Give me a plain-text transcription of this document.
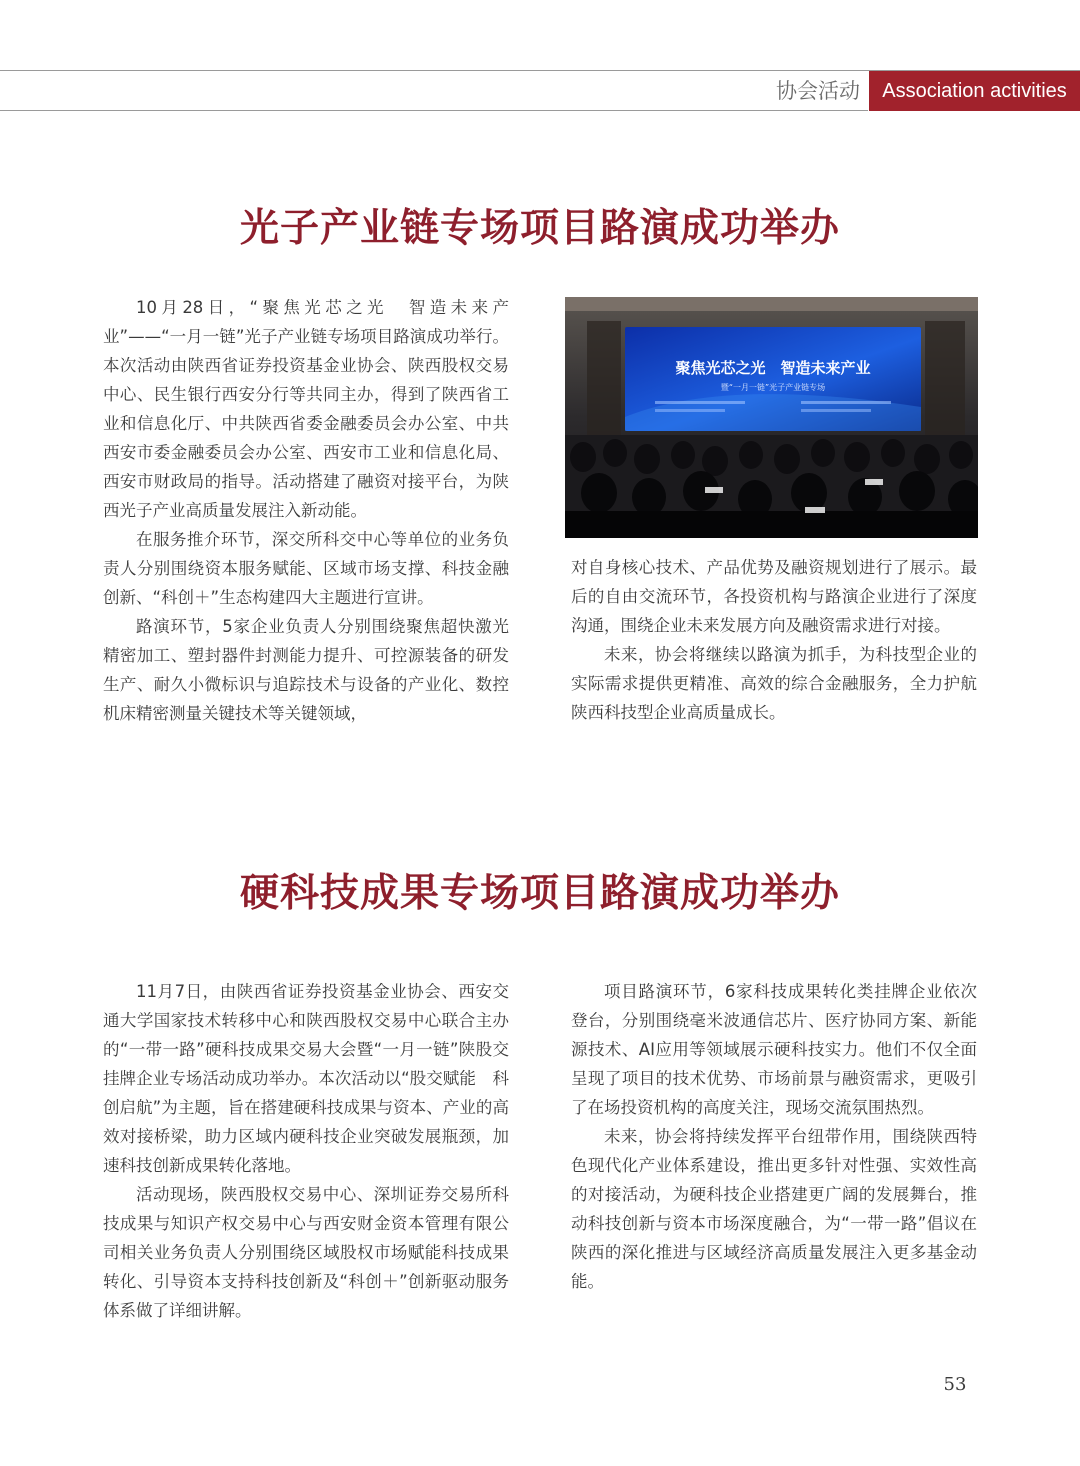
协会活动	Association activities
光子产业链专场项目路演成功举办

10月28日，“聚焦光芯之光　智造未来产业”——“一月一链”光子产业链专场项目路演成功举行。本次活动由陕西省证券投资基金业协会、陕西股权交易中心、民生银行西安分行等共同主办，得到了陕西省工业和信息化厅、中共陕西省委金融委员会办公室、中共西安市委金融委员会办公室、西安市工业和信息化局、西安市财政局的指导。活动搭建了融资对接平台，为陕西光子产业高质量发展注入新动能。

在服务推介环节，深交所科交中心等单位的业务负责人分别围绕资本服务赋能、区域市场支撑、科技金融创新、“科创＋”生态构建四大主题进行宣讲。

路演环节，5家企业负责人分别围绕聚焦超快激光精密加工、塑封器件封测能力提升、可控源装备的研发生产、耐久小微标识与追踪技术与设备的产业化、数控机床精密测量关键技术等关键领域，

聚焦光芯之光　智造未来产业
暨“一月一链”光子产业链专场

对自身核心技术、产品优势及融资规划进行了展示。最后的自由交流环节，各投资机构与路演企业进行了深度沟通，围绕企业未来发展方向及融资需求进行对接。

未来，协会将继续以路演为抓手，为科技型企业的实际需求提供更精准、高效的综合金融服务，全力护航陕西科技型企业高质量成长。

硬科技成果专场项目路演成功举办

11月7日，由陕西省证券投资基金业协会、西安交通大学国家技术转移中心和陕西股权交易中心联合主办的“一带一路”硬科技成果交易大会暨“一月一链”陕股交挂牌企业专场活动成功举办。本次活动以“股交赋能　科创启航”为主题，旨在搭建硬科技成果与资本、产业的高效对接桥梁，助力区域内硬科技企业突破发展瓶颈，加速科技创新成果转化落地。

活动现场，陕西股权交易中心、深圳证券交易所科技成果与知识产权交易中心与西安财金资本管理有限公司相关业务负责人分别围绕区域股权市场赋能科技成果转化、引导资本支持科技创新及“科创＋”创新驱动服务体系做了详细讲解。

项目路演环节，6家科技成果转化类挂牌企业依次登台，分别围绕毫米波通信芯片、医疗协同方案、新能源技术、AI应用等领域展示硬科技实力。他们不仅全面呈现了项目的技术优势、市场前景与融资需求，更吸引了在场投资机构的高度关注，现场交流氛围热烈。

未来，协会将持续发挥平台纽带作用，围绕陕西特色现代化产业体系建设，推出更多针对性强、实效性高的对接活动，为硬科技企业搭建更广阔的发展舞台，推动科技创新与资本市场深度融合，为“一带一路”倡议在陕西的深化推进与区域经济高质量发展注入更多基金动能。

53
